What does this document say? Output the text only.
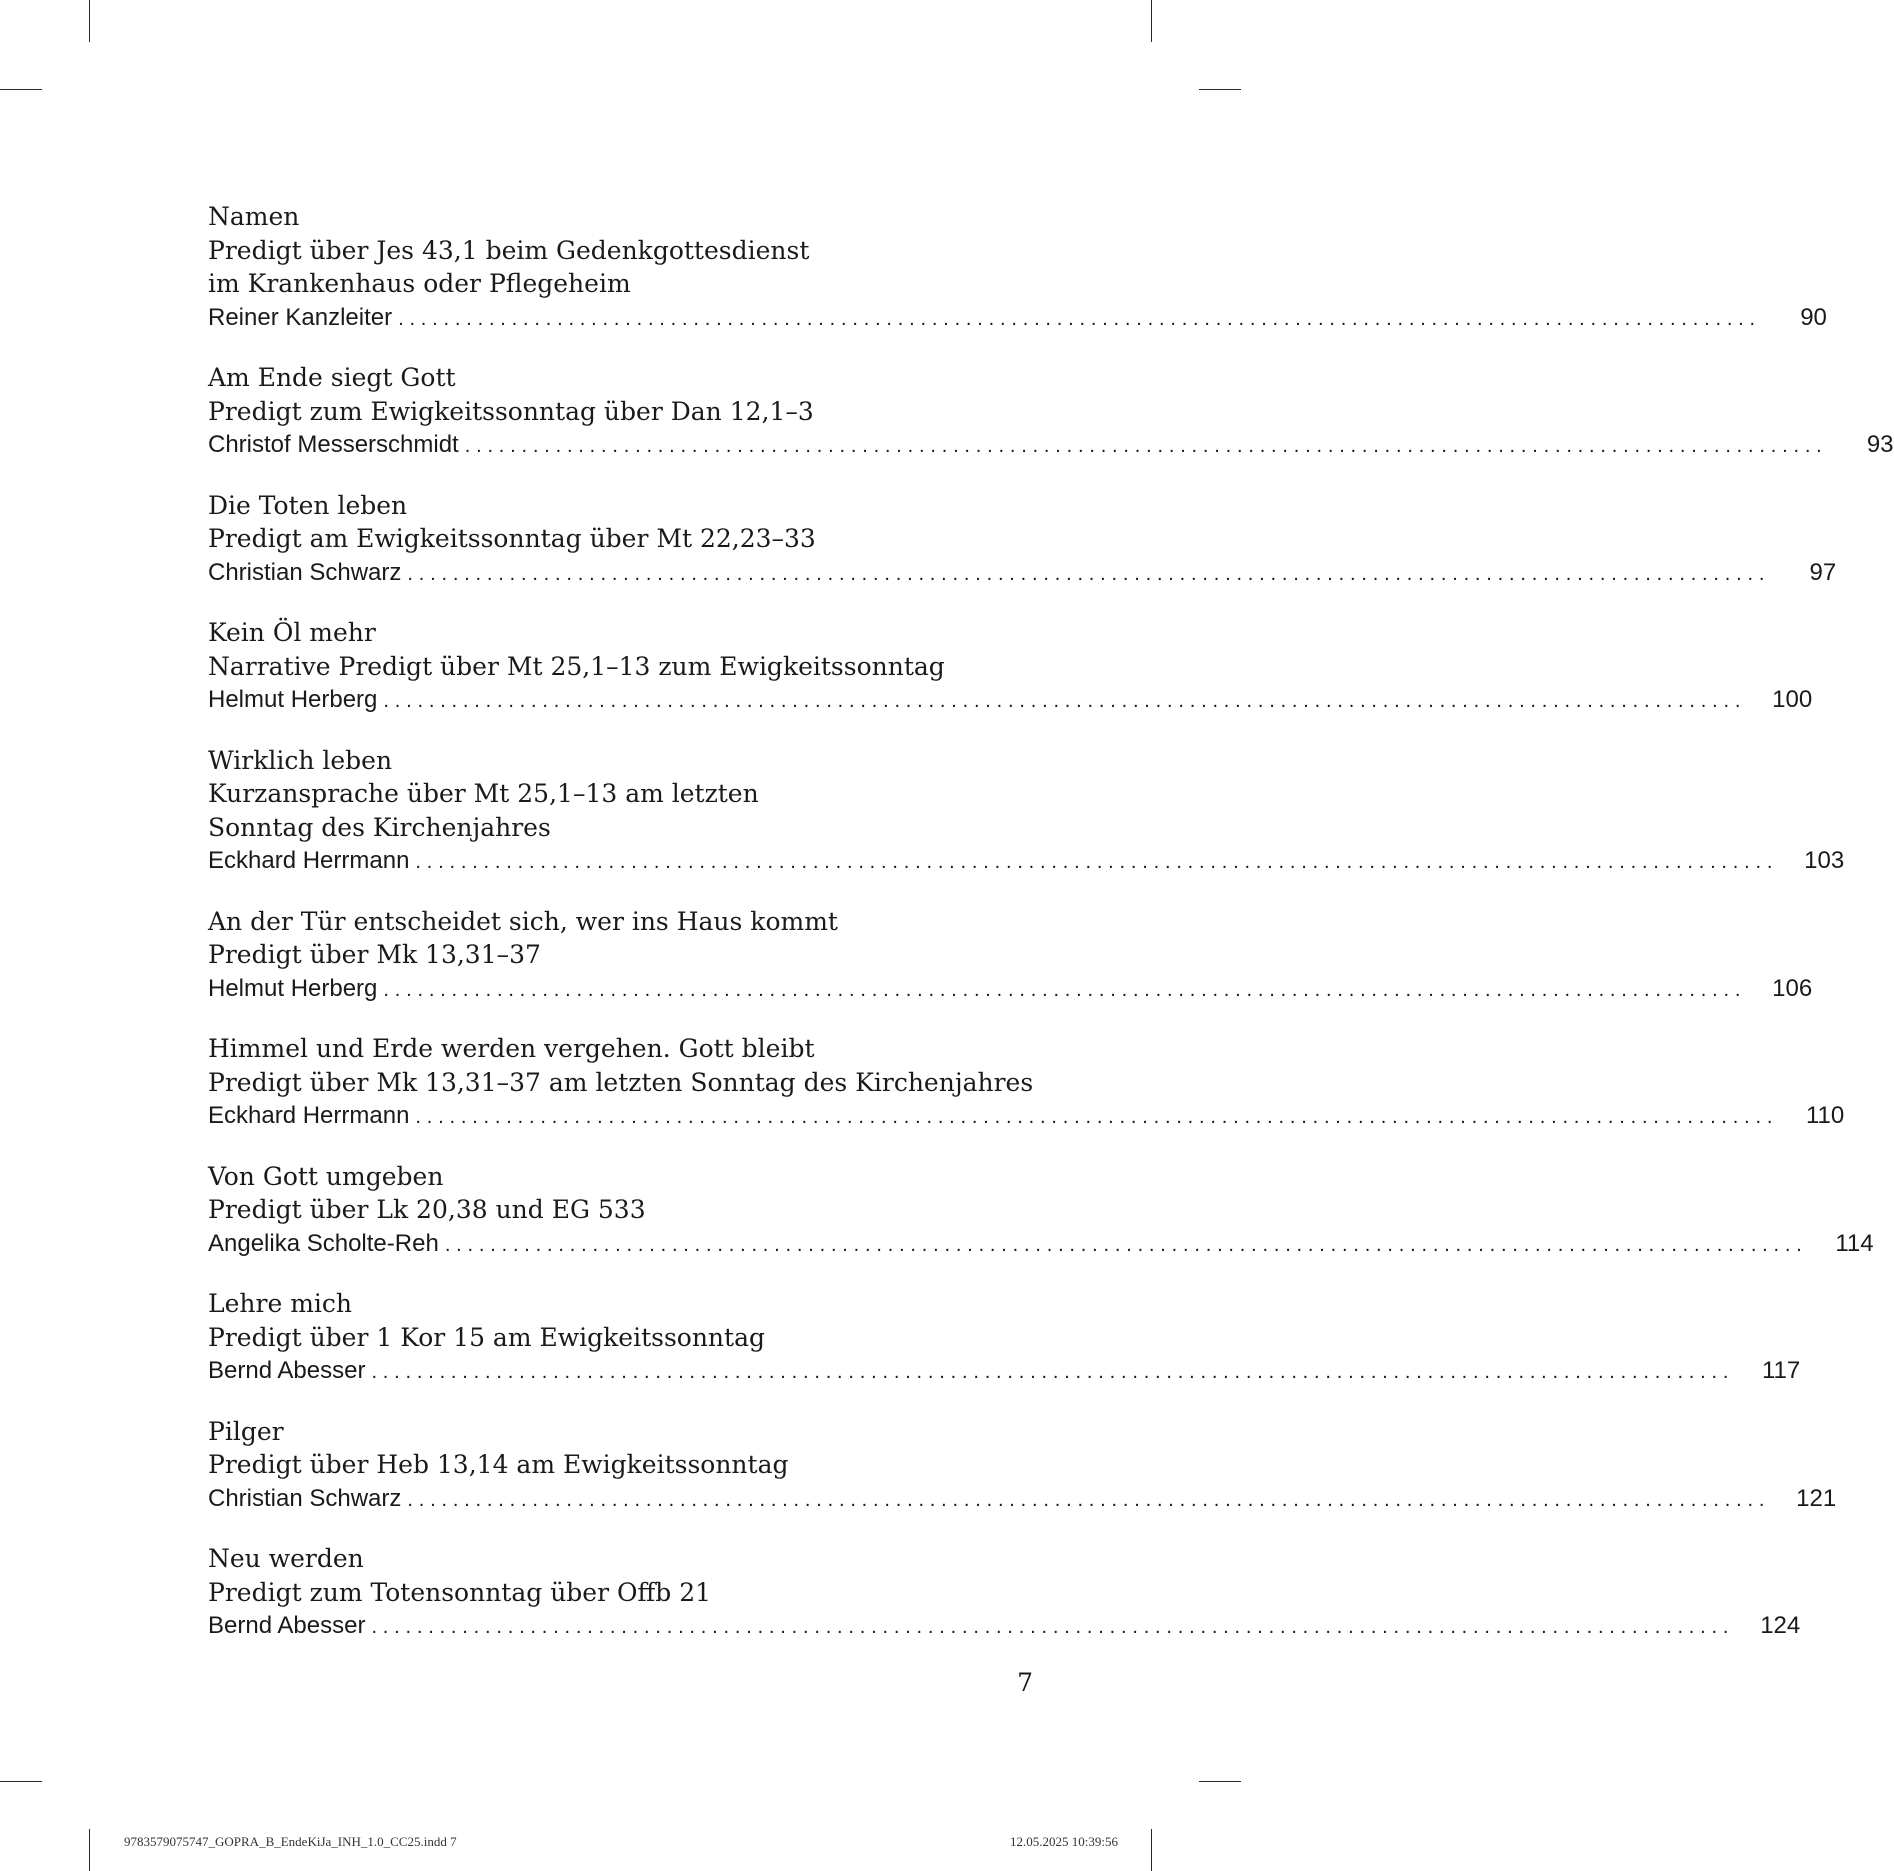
Namen
Predigt über Jes 43,1 beim Gedenkgottesdienst
im Krankenhaus oder Pflegeheim
Reiner Kanzleiter ........................................................................................................................	90
Am Ende siegt Gott
Predigt zum Ewigkeitssonntag über Dan 12,1–3
Christof Messerschmidt ........................................................................................................................	93
Die Toten leben
Predigt am Ewigkeitssonntag über Mt 22,23–33
Christian Schwarz ........................................................................................................................	97
Kein Öl mehr
Narrative Predigt über Mt 25,1–13 zum Ewigkeitssonntag
Helmut Herberg ........................................................................................................................	100
Wirklich leben
Kurzansprache über Mt 25,1–13 am letzten
Sonntag des Kirchenjahres
Eckhard Herrmann ........................................................................................................................	103
An der Tür entscheidet sich, wer ins Haus kommt
Predigt über Mk 13,31–37
Helmut Herberg ........................................................................................................................	106
Himmel und Erde werden vergehen. Gott bleibt
Predigt über Mk 13,31–37 am letzten Sonntag des Kirchenjahres
Eckhard Herrmann ........................................................................................................................	110
Von Gott umgeben
Predigt über Lk 20,38 und EG 533
Angelika Scholte-Reh ........................................................................................................................	114
Lehre mich
Predigt über 1 Kor 15 am Ewigkeitssonntag
Bernd Abesser ........................................................................................................................	117
Pilger
Predigt über Heb 13,14 am Ewigkeitssonntag
Christian Schwarz ........................................................................................................................	121
Neu werden
Predigt zum Totensonntag über Offb 21
Bernd Abesser ........................................................................................................................	124
7
9783579075747_GOPRA_B_EndeKiJa_INH_1.0_CC25.indd 7	12.05.2025 10:39:56
